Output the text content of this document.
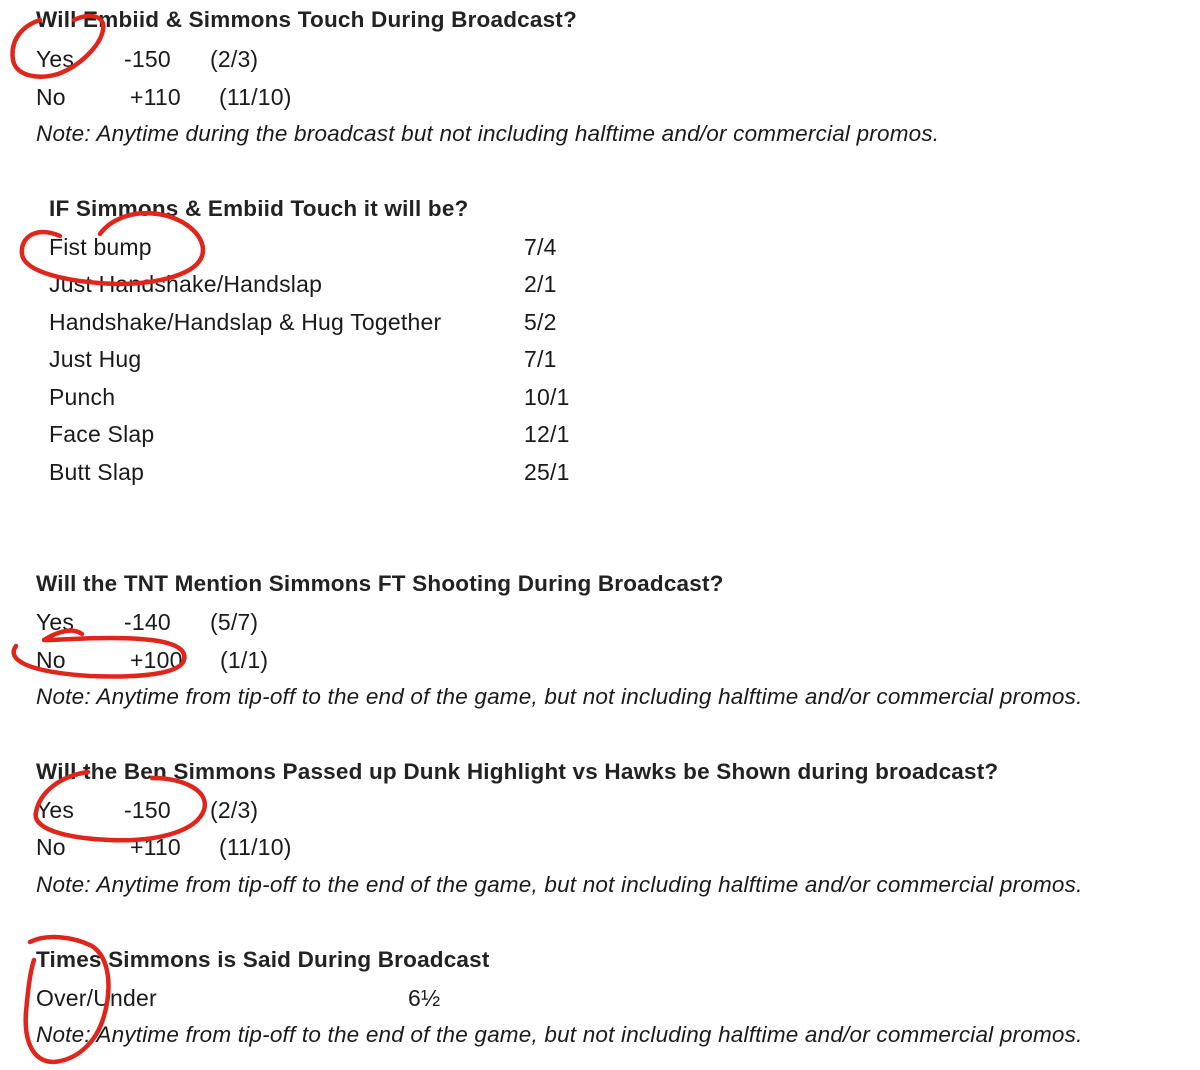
Will Embiid & Simmons Touch During Broadcast?
Yes -150 (2/3)
No	+110 (11/10)
Note: Anytime during the broadcast but not including halftime and/or commercial promos.
IF Simmons & Embiid Touch it will be?
Fist bump	7/4
Just Handshake/Handslap	2/1
Handshake/Handslap & Hug Together	5/2
Just Hug	7/1
Punch	10/1
Face Slap	12/1
Butt Slap	25/1
Will the TNT Mention Simmons FT Shooting During Broadcast?
Yes -140 (5/7)
No	+100 (1/1)
Note: Anytime from tip-off to the end of the game, but not including halftime and/or commercial promos.
Will the Ben Simmons Passed up Dunk Highlight vs Hawks be Shown during broadcast?
Yes -150 (2/3)
No	+110 (11/10)
Note: Anytime from tip-off to the end of the game, but not including halftime and/or commercial promos.
Times Simmons is Said During Broadcast
Over/Under	6½
Note: Anytime from tip-off to the end of the game, but not including halftime and/or commercial promos.
